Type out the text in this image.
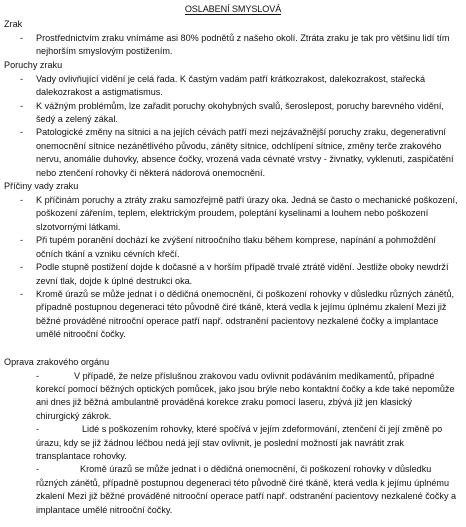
OSLABENÍ SMYSLOVÁ
Zrak
- Prostřednictvím zraku vnímáme asi 80% podnětů z našeho okolí. Ztráta zraku je tak pro většinu lidí tím nejhorším smyslovým postižením.
Poruchy zraku
- Vady ovlivňující vidění je celá řada. K častým vadám patří krátkozrakost, dalekozrakost, stařecká dalekozrakost a astigmatismus.
- K vážným problémům, lze zařadit poruchy okohybných svalů, šeroslepost, poruchy barevného vidění, šedý a zelený zákal.
- Patologické změny na sítnici a na jejích cévách patří mezi nejzávažnější poruchy zraku, degenerativní onemocnění sítnice nezánětlivého původu, záněty sítnice, odchlípení sítnice, změny terče zrakového nervu, anomálie duhovky, absence čočky, vrozená vada cévnaté vrstvy - živnatky, vyklenutí, zaspičatění nebo ztenčení rohovky či některá nádorová onemocnění.
Příčiny vady zraku
- K příčinám poruchy a ztráty zraku samozřejmě patří úrazy oka. Jedná se často o mechanické poškození, poškození zářením, teplem, elektrickým proudem, poleptání kyselinami a louhem nebo poškození slzotvornými látkami.
- Při tupém poranění dochází ke zvýšení nitroočního tlaku během komprese, napínání a pohmoždění očních tkání a vzniku cévních křečí.
- Podle stupně postižení dojde k dočasné a v horším případě trvalé ztrátě vidění. Jestliže oboky newdrží zevní tlak, dojde k úplné destrukci oka.
- Kromě úrazů se může jednat i o dědičná onemocnění, či poškození rohovky v důsledku různých zánětů, případně postupnou degeneraci této původně čiré tkáně, která vedla k jejímu úplnému zkalení Mezi již běžné prováděné nitrooční operace patří např. odstranění pacientovy nezkalené čočky a implantace umělé nitrooční čočky.
Oprava zrakového orgánu
-	V případě, že nelze příslušnou zrakovou vadu ovlivnit podáváním medikamentů, případné korekcí pomocí běžných optických pomůcek, jako jsou brýle nebo kontaktní čočky a kde také nepomůže ani dnes již běžná ambulantně prováděná korekce zraku pomocí laseru, zbývá již jen klasický chirurgický zákrok.
-	Lidé s poškozením rohovky, které spočívá v jejím zdeformování, ztenčení či její změně po úrazu, kdy se již žádnou léčbou nedá její stav ovlivnit, je poslední možností jak navrátit zrak transplantace rohovky.
-	Kromě úrazů se může jednat i o dědičná onemocnění, či poškození rohovky v důsledku různých zánětů, případně postupnou degeneraci této původně čiré tkáně, která vedla k jejímu úplnému zkalení Mezi již běžné prováděné nitrooční operace patří např. odstranění pacientovy nezkalené čočky a implantace umělé nitrooční čočky.
